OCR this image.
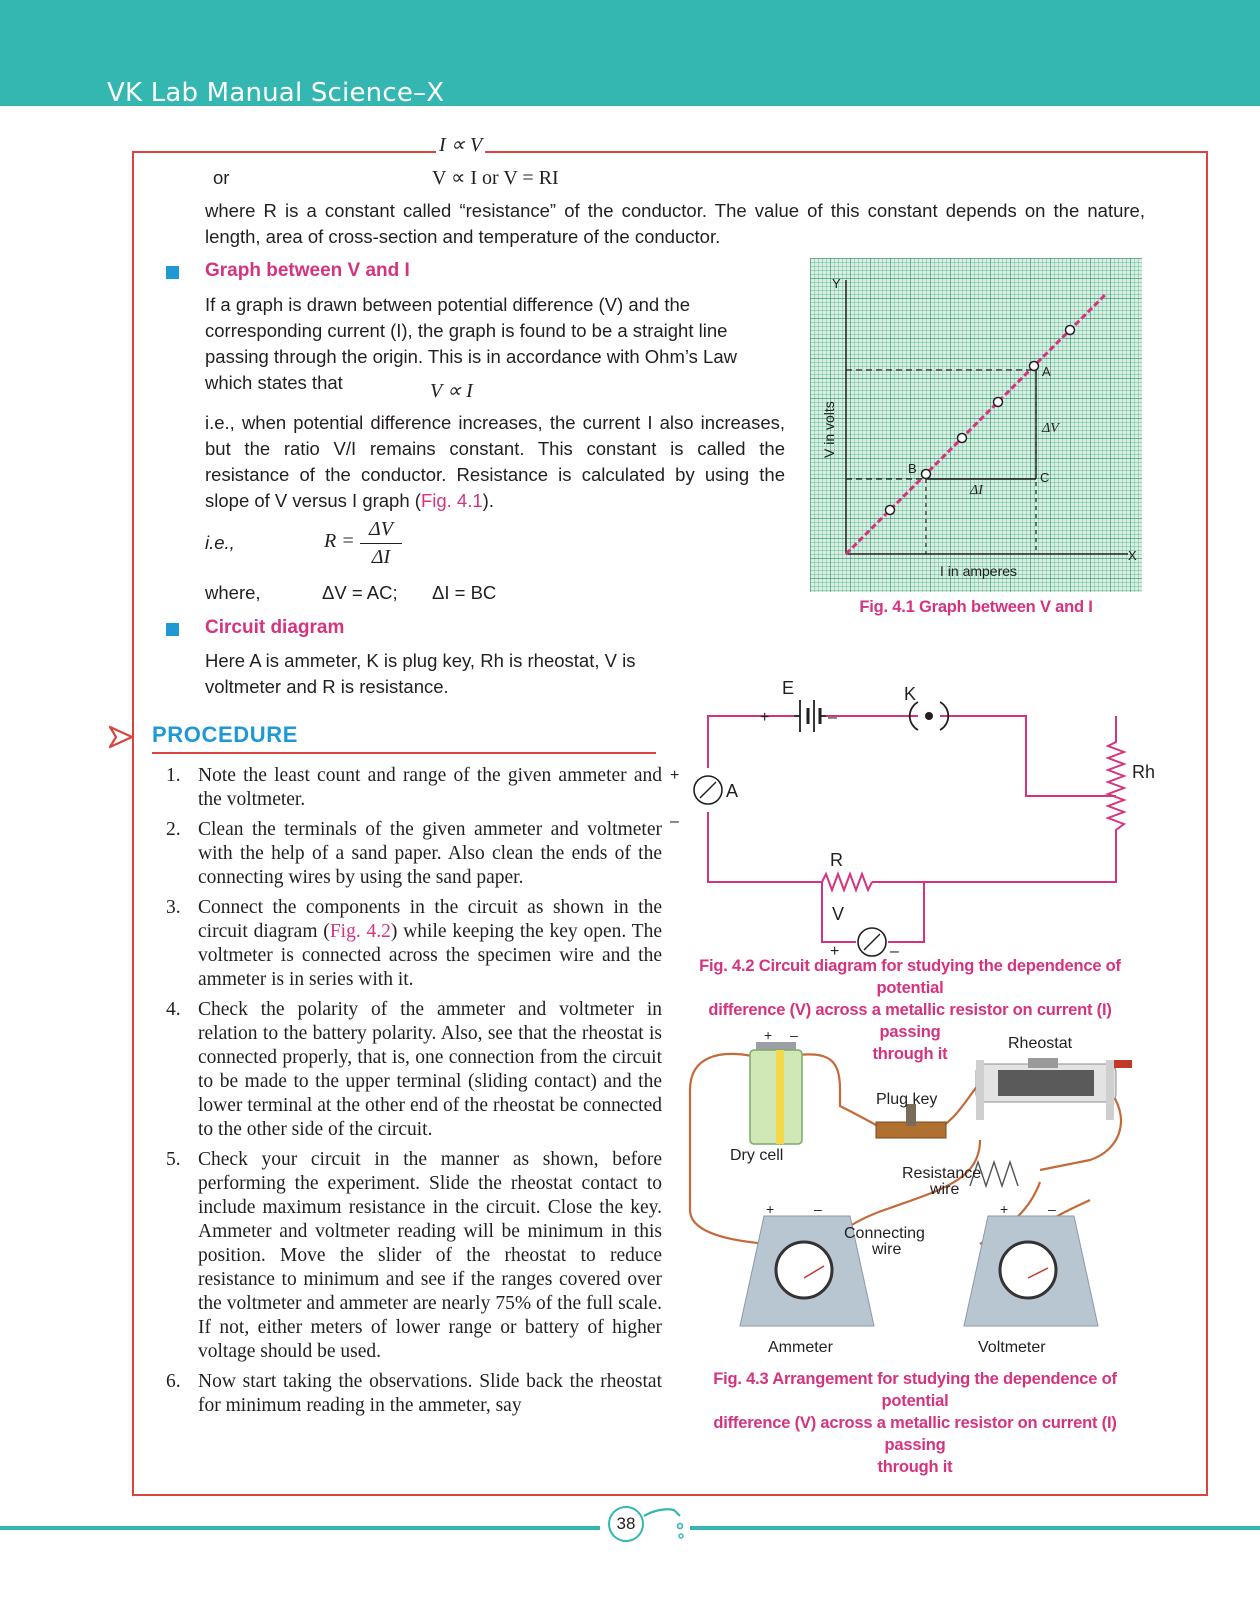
VK Lab Manual Science–X
I ∝ V
or	V ∝ I or V = RI

where R is a constant called “resistance” of the conductor. The value of this constant depends on the nature, length, area of cross-section and temperature of the conductor.

Graph between V and I

If a graph is drawn between potential difference (V) and the corresponding current (I), the graph is found to be a straight line passing through the origin. This is in accordance with Ohm’s Law which states that	V ∝ I

i.e., when potential difference increases, the current I also increases, but the ratio V/I remains constant. This constant is called the resistance of the conductor. Resistance is calculated by using the slope of V versus I graph (Fig. 4.1).

i.e.,	R =
ΔV
ΔI
where,	ΔV = AC; ΔI = BC
Circuit diagram

Here A is ammeter, K is plug key, Rh is rheostat, V is voltmeter and R is resistance.

PROCEDURE
1. Note the least count and range of the given ammeter and the voltmeter.
2. Clean the terminals of the given ammeter and voltmeter with the help of a sand paper. Also clean the ends of the connecting wires by using the sand paper.
3. Connect the components in the circuit as shown in the circuit diagram (Fig. 4.2) while keeping the key open. The voltmeter is connected across the specimen wire and the ammeter is in series with it.
4. Check the polarity of the ammeter and voltmeter in relation to the battery polarity. Also, see that the rheostat is connected properly, that is, one connection from the circuit to be made to the upper terminal (sliding contact) and the lower terminal at the other end of the rheostat be connected to the other side of the circuit.
5. Check your circuit in the manner as shown, before performing the experiment. Slide the rheostat contact to include maximum resistance in the circuit. Close the key. Ammeter and voltmeter reading will be minimum in this position. Move the slider of the rheostat to reduce resistance to minimum and see if the ranges covered over the voltmeter and ammeter are nearly 75% of the full scale. If not, either meters of lower range or battery of higher voltage should be used.
6. Now start taking the observations. Slide back the rheostat for minimum reading in the ammeter, say
Y
X
A
B
C
ΔV
ΔI
I in amperes
V in volts
Fig. 4.1 Graph between V and I
E	K
A
Rh
R
V
+	–
+
–
+	–
Fig. 4.2 Circuit diagram for studying the dependence of potential
difference (V) across a metallic resistor on current (I) passing
through it
Dry cell
Plug key
Rheostat
Resistance
wire
Connecting
wire
Ammeter	Voltmeter
+ –
+	–	+	–
Fig. 4.3 Arrangement for studying the dependence of potential
difference (V) across a metallic resistor on current (I) passing
through it
38
